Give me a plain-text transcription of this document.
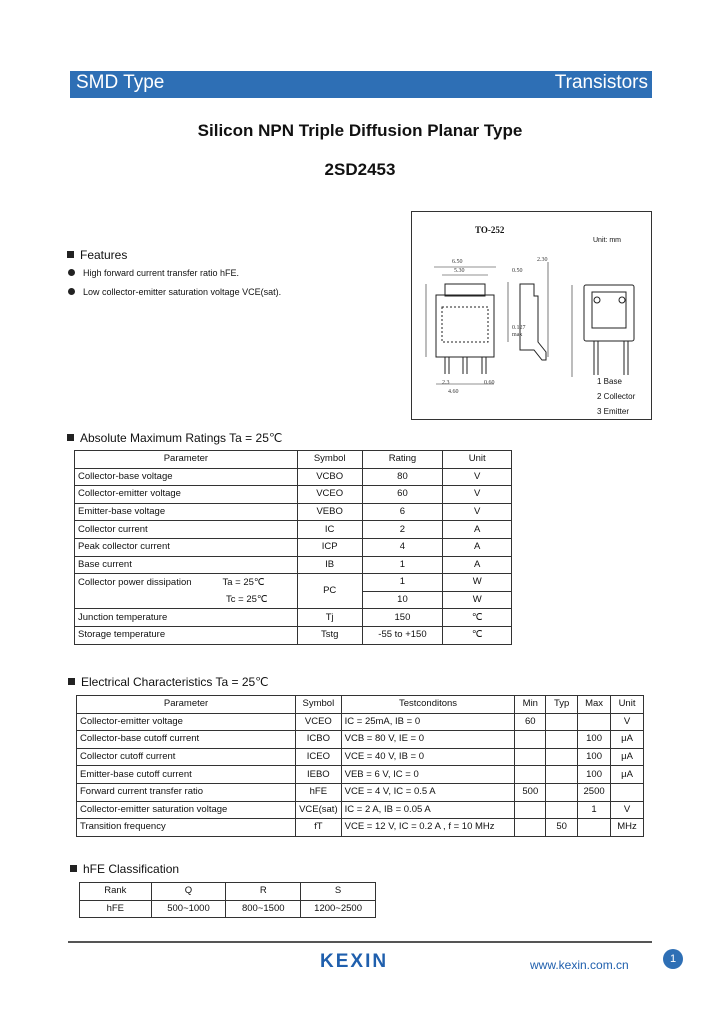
SMD Type	Transistors
Silicon NPN Triple Diffusion Planar Type
2SD2453
Features
High forward current transfer ratio hFE.
Low collector-emitter saturation voltage VCE(sat).
6.50
5.30	0.50
2.30
0.127
max
2.3
4.60
0.60
TO-252
Unit: mm
1 Base
2 Collector
3 Emitter
Absolute Maximum Ratings Ta = 25℃
Parameter	Symbol	Rating	Unit
Collector-base voltage	VCBO	80	V
Collector-emitter voltage	VCEO	60	V
Emitter-base voltage	VEBO	6	V
Collector current	IC	2	A
Peak collector current	ICP	4	A
Base current	IB	1	A
Collector power dissipation Ta = 25℃	PC	1	W
Tc = 25℃		10	W
Junction temperature	Tj	150	℃
Storage temperature	Tstg	-55 to +150	℃
Electrical Characteristics Ta = 25℃
Parameter	Symbol	Testconditons	Min	Typ	Max	Unit
Collector-emitter voltage	VCEO	IC = 25mA, IB = 0	60			V
Collector-base cutoff current	ICBO	VCB = 80 V, IE = 0			100	μA
Collector cutoff current	ICEO	VCE = 40 V, IB = 0			100	μA
Emitter-base cutoff current	IEBO	VEB = 6 V, IC = 0			100	μA
Forward current transfer ratio	hFE	VCE = 4 V, IC = 0.5 A	500		2500	
Collector-emitter saturation voltage	VCE(sat)	IC = 2 A, IB = 0.05 A			1	V
Transition frequency	fT	VCE = 12 V, IC = 0.2 A , f = 10 MHz		50		MHz
hFE Classification
Rank	Q	R	S
hFE	500~1000	800~1500	1200~2500
KEXIN	www.kexin.com.cn	1
